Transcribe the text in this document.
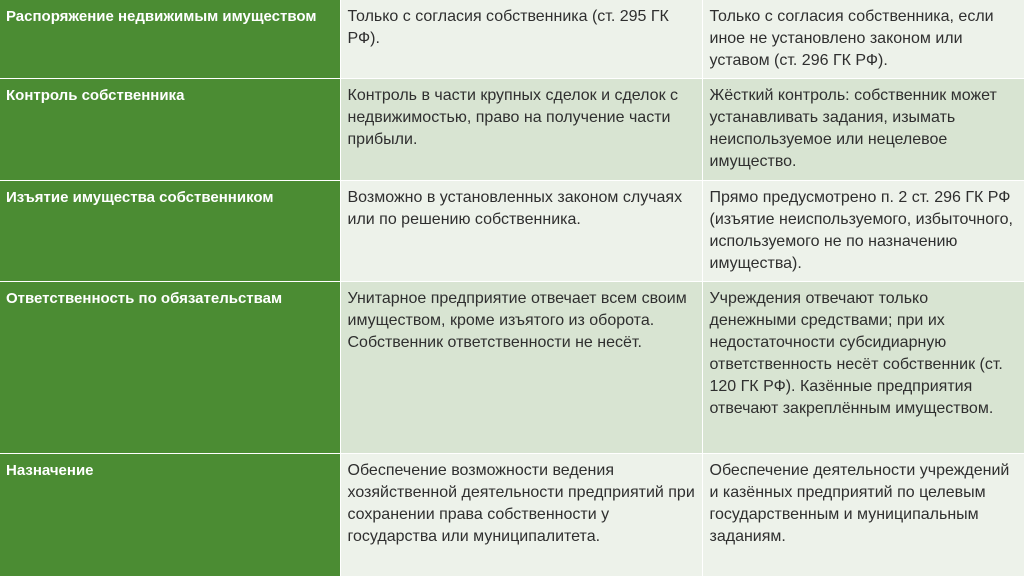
Распоряжение недвижимым имуществом	Только с согласия собственника (ст. 295 ГК РФ).	Только с согласия собственника, если иное не установлено законом или уставом (ст. 296 ГК РФ).
Контроль собственника	Контроль в части крупных сделок и сделок с недвижимостью, право на получение части прибыли.	Жёсткий контроль: собственник может устанавливать задания, изымать неиспользуемое или нецелевое имущество.
Изъятие имущества собственником	Возможно в установленных законом случаях или по решению собственника.	Прямо предусмотрено п. 2 ст. 296 ГК РФ (изъятие неиспользуемого, избыточного, используемого не по назначению имущества).
Ответственность по обязательствам	Унитарное предприятие отвечает всем своим имуществом, кроме изъятого из оборота. Собственник ответственности не несёт.	Учреждения отвечают только денежными средствами; при их недостаточности субсидиарную ответственность несёт собственник (ст. 120 ГК РФ). Казённые предприятия отвечают закреплённым имуществом.
Назначение	Обеспечение возможности ведения хозяйственной деятельности предприятий при сохранении права собственности у государства или муниципалитета.	Обеспечение деятельности учреждений и казённых предприятий по целевым государственным и муниципальным заданиям.
